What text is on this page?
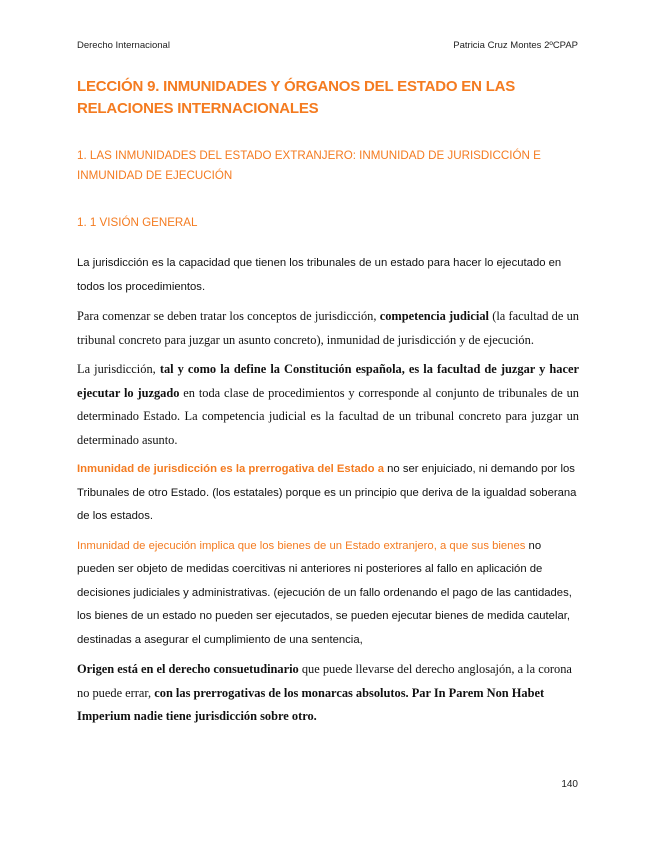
Derecho Internacional	Patricia Cruz Montes 2ºCPAP
LECCIÓN 9. INMUNIDADES Y ÓRGANOS DEL ESTADO EN LAS RELACIONES INTERNACIONALES
1. LAS INMUNIDADES DEL ESTADO EXTRANJERO: INMUNIDAD DE JURISDICCIÓN E INMUNIDAD DE EJECUCIÓN
1. 1 VISIÓN GENERAL

La jurisdicción es la capacidad que tienen los tribunales de un estado para hacer lo ejecutado en todos los procedimientos.

Para comenzar se deben tratar los conceptos de jurisdicción, competencia judicial (la facultad de un tribunal concreto para juzgar un asunto concreto), inmunidad de jurisdicción y de ejecución.

La jurisdicción, tal y como la define la Constitución española, es la facultad de juzgar y hacer ejecutar lo juzgado en toda clase de procedimientos y corresponde al conjunto de tribunales de un determinado Estado. La competencia judicial es la facultad de un tribunal concreto para juzgar un determinado asunto.

Inmunidad de jurisdicción es la prerrogativa del Estado a no ser enjuiciado, ni demando por los Tribunales de otro Estado. (los estatales) porque es un principio que deriva de la igualdad soberana de los estados.

Inmunidad de ejecución implica que los bienes de un Estado extranjero, a que sus bienes no pueden ser objeto de medidas coercitivas ni anteriores ni posteriores al fallo en aplicación de decisiones judiciales y administrativas. (ejecución de un fallo ordenando el pago de las cantidades, los bienes de un estado no pueden ser ejecutados, se pueden ejecutar bienes de medida cautelar, destinadas a asegurar el cumplimiento de una sentencia,

Origen está en el derecho consuetudinario que puede llevarse del derecho anglosajón, a la corona no puede errar, con las prerrogativas de los monarcas absolutos. Par In Parem Non Habet Imperium nadie tiene jurisdicción sobre otro.

140
